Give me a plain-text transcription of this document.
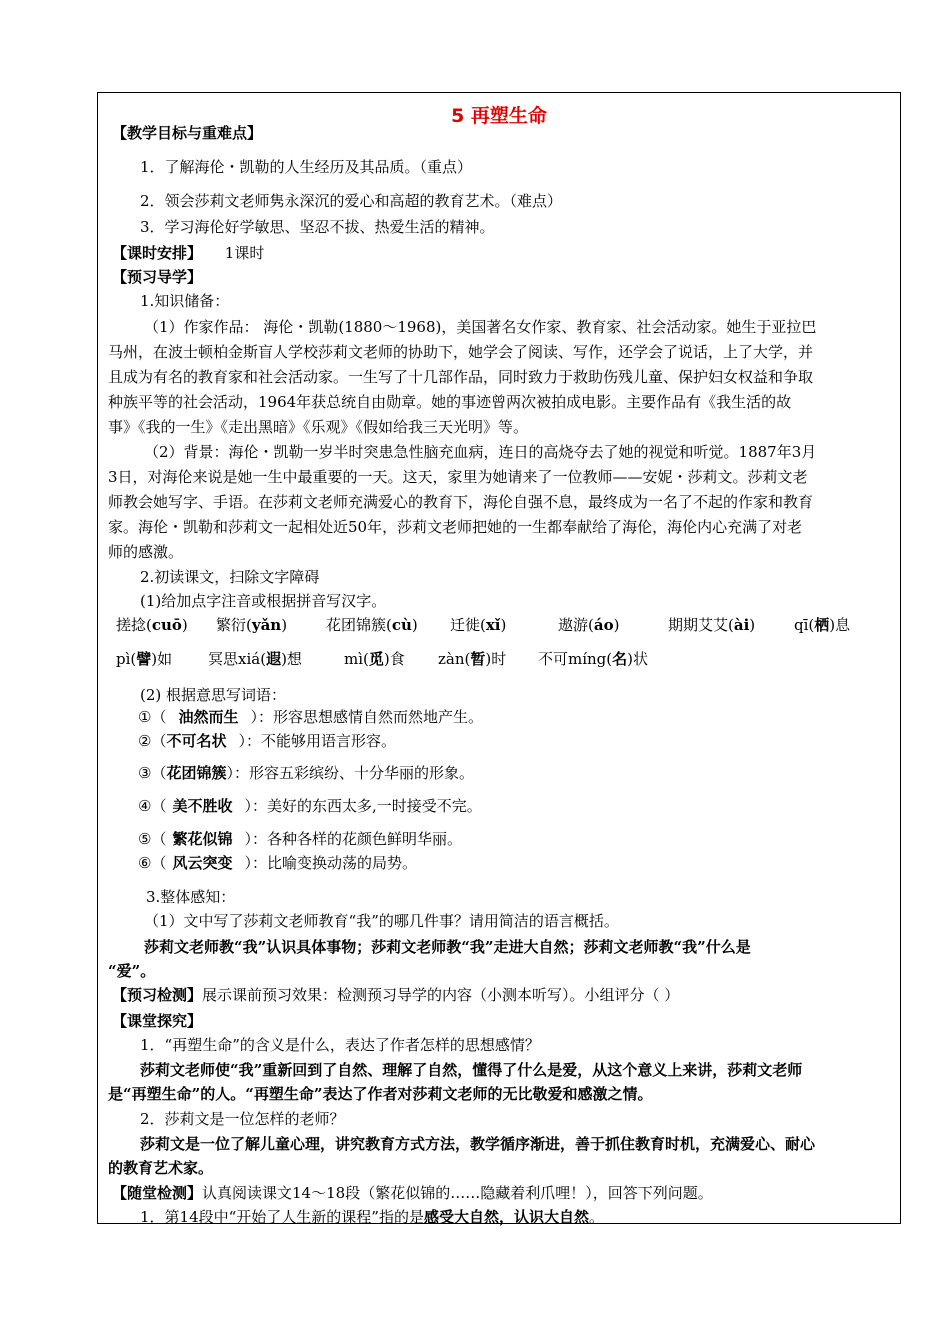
5 再塑生命
【教学目标与重难点】
1．了解海伦・凯勒的人生经历及其品质。（重点）
2．领会莎莉文老师隽永深沉的爱心和高超的教育艺术。（难点）
3．学习海伦好学敏思、坚忍不拔、热爱生活的精神。
【课时安排】 1课时
【预习导学】
1.知识储备：
（1）作家作品： 海伦・凯勒(1880～1968)，美国著名女作家、教育家、社会活动家。她生于亚拉巴
马州，在波士顿柏金斯盲人学校莎莉文老师的协助下，她学会了阅读、写作，还学会了说话，上了大学，并
且成为有名的教育家和社会活动家。一生写了十几部作品，同时致力于救助伤残儿童、保护妇女权益和争取
种族平等的社会活动，1964年获总统自由勋章。她的事迹曾两次被拍成电影。主要作品有《我生活的故
事》《我的一生》《走出黑暗》《乐观》《假如给我三天光明》等。
（2）背景：海伦・凯勒一岁半时突患急性脑充血病，连日的高烧夺去了她的视觉和听觉。1887年3月
3日，对海伦来说是她一生中最重要的一天。这天，家里为她请来了一位教师——安妮・莎莉文。莎莉文老
师教会她写字、手语。在莎莉文老师充满爱心的教育下，海伦自强不息，最终成为一名了不起的作家和教育
家。海伦・凯勒和莎莉文一起相处近50年，莎莉文老师把她的一生都奉献给了海伦，海伦内心充满了对老
师的感激。
2.初读课文，扫除文字障碍
(1)给加点字注音或根据拼音写汉字。
搓捻(cuō) 繁衍(yǎn)	花团锦簇(cù) 迁徙(xǐ)	遨游(áo)	期期艾艾(ài)	qī(栖)息
pì(譬)如 冥思xiá(遐)想	mì(觅)食 zàn(暂)时 不可míng(名)状
(2) 根据意思写词语：
①（ 油然而生 ）：形容思想感情自然而然地产生。
②（不可名状 ）：不能够用语言形容。
③（花团锦簇）：形容五彩缤纷、十分华丽的形象。
④（ 美不胜收 ）：美好的东西太多,一时接受不完。
⑤（ 繁花似锦 ）：各种各样的花颜色鲜明华丽。
⑥（ 风云突变 ）：比喻变换动荡的局势。
3.整体感知：
（1）文中写了莎莉文老师教育“我”的哪几件事？请用简洁的语言概括。
莎莉文老师教“我”认识具体事物；莎莉文老师教“我”走进大自然；莎莉文老师教“我”什么是
“爱”。
【预习检测】展示课前预习效果：检测预习导学的内容（小测本听写）。小组评分（ ）
【课堂探究】
1．“再塑生命”的含义是什么，表达了作者怎样的思想感情？
莎莉文老师使“我”重新回到了自然、理解了自然，懂得了什么是爱，从这个意义上来讲，莎莉文老师
是“再塑生命”的人。“再塑生命”表达了作者对莎莉文老师的无比敬爱和感激之情。
2．莎莉文是一位怎样的老师？
莎莉文是一位了解儿童心理，讲究教育方式方法，教学循序渐进，善于抓住教育时机，充满爱心、耐心
的教育艺术家。
【随堂检测】认真阅读课文14～18段（繁花似锦的……隐藏着利爪哩！），回答下列问题。
1．第14段中“开始了人生新的课程”指的是感受大自然，认识大自然。
